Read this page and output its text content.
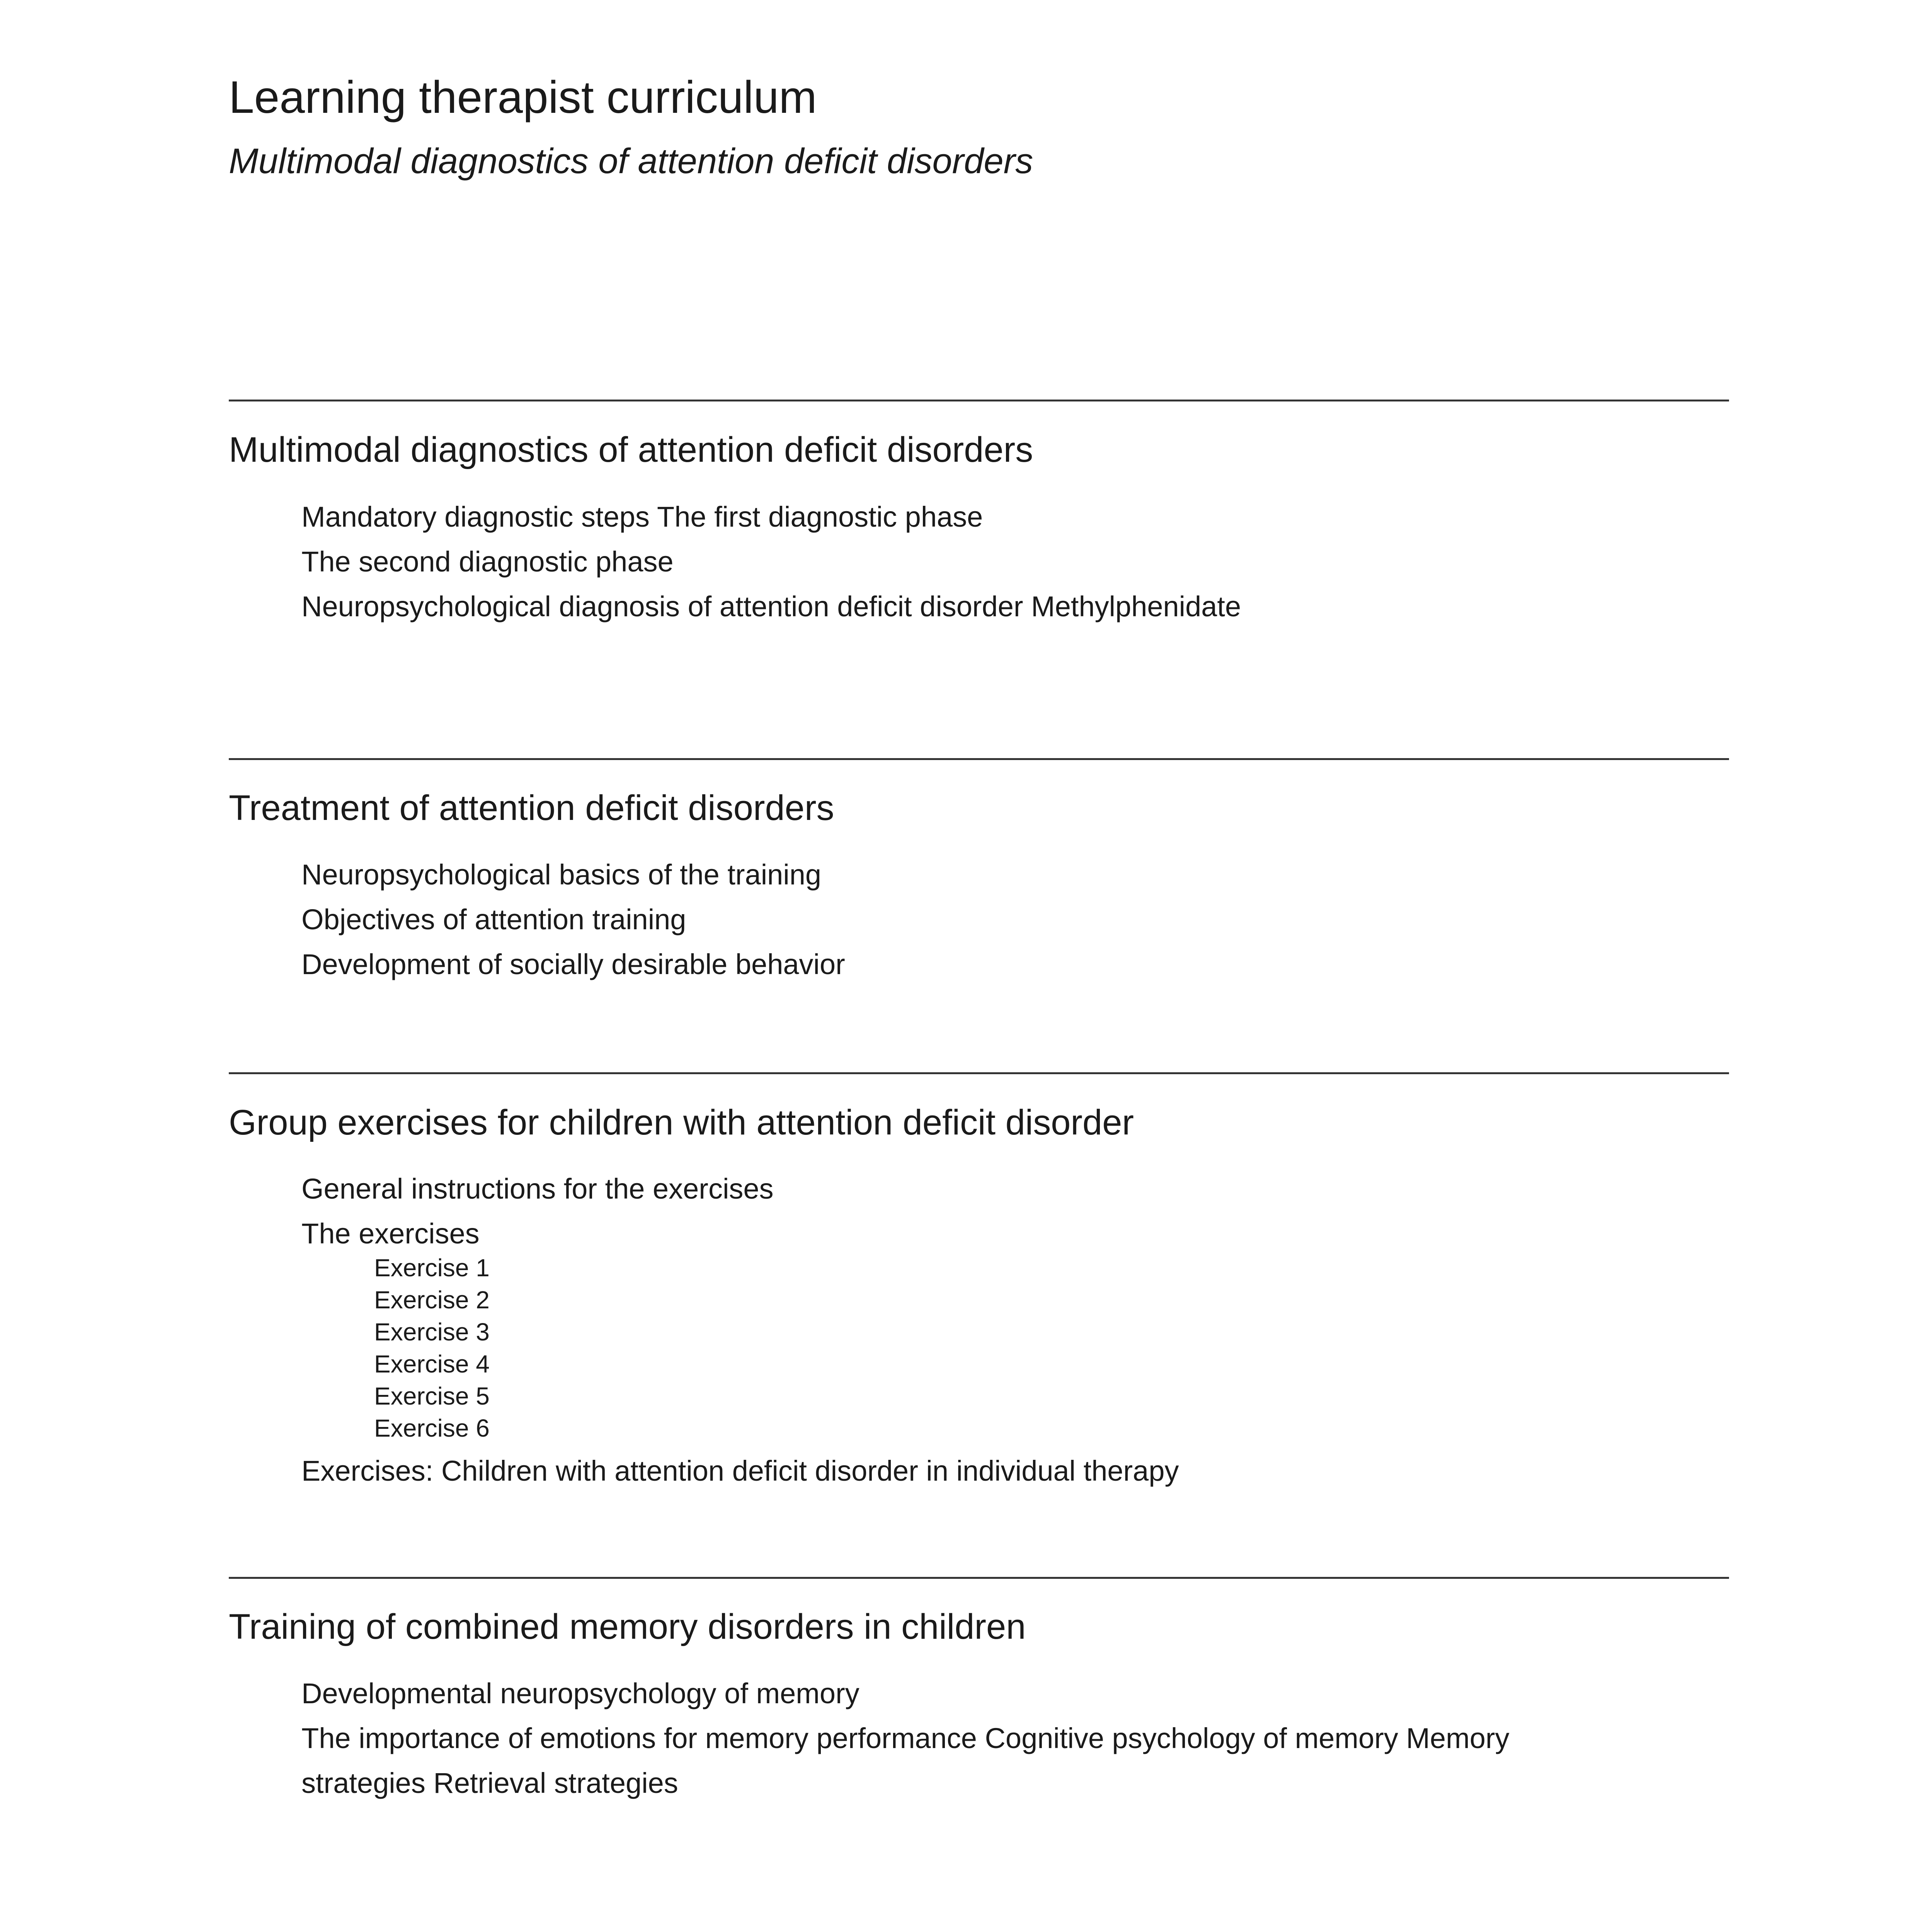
Learning therapist curriculum
Multimodal diagnostics of attention deficit disorders
Multimodal diagnostics of attention deficit disorders
Mandatory diagnostic steps The first diagnostic phase
The second diagnostic phase
Neuropsychological diagnosis of attention deficit disorder Methylphenidate
Treatment of attention deficit disorders
Neuropsychological basics of the training
Objectives of attention training
Development of socially desirable behavior
Group exercises for children with attention deficit disorder
General instructions for the exercises
The exercises
Exercise 1
Exercise 2
Exercise 3
Exercise 4
Exercise 5
Exercise 6
Exercises: Children with attention deficit disorder in individual therapy
Training of combined memory disorders in children
Developmental neuropsychology of memory
The importance of emotions for memory performance Cognitive psychology of memory Memory
strategies Retrieval strategies
